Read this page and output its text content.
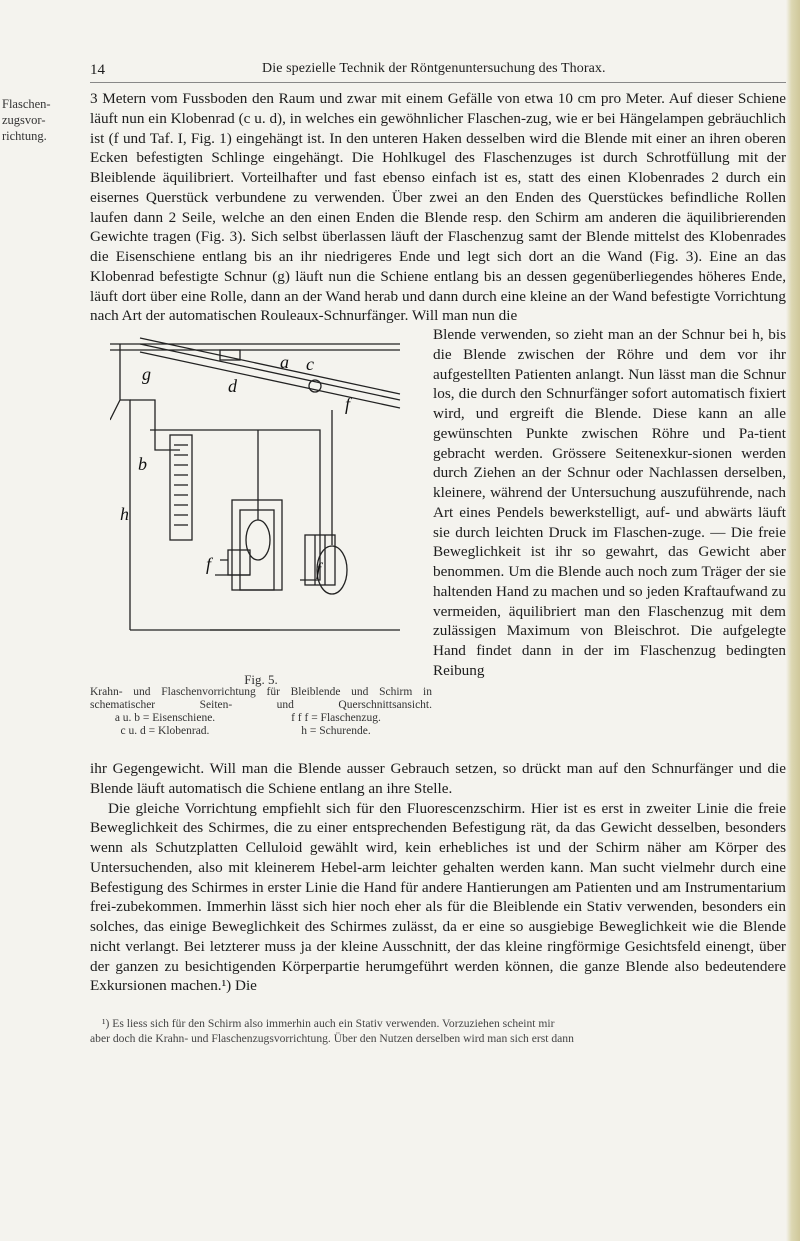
14	Die spezielle Technik der Röntgenuntersuchung des Thorax.
Flaschen-zugsvor-richtung.

3 Metern vom Fussboden den Raum und zwar mit einem Gefälle von etwa 10 cm pro Meter. Auf dieser Schiene läuft nun ein Klobenrad (c u. d), in welches ein gewöhnlicher Flaschen-zug, wie er bei Hängelampen gebräuchlich ist (f und Taf. I, Fig. 1) eingehängt ist. In den unteren Haken desselben wird die Blende mit einer an ihren oberen Ecken befestigten Schlinge eingehängt. Die Hohlkugel des Flaschenzuges ist durch Schrotfüllung mit der Bleiblende äquilibriert. Vorteilhafter und fast ebenso einfach ist es, statt des einen Klobenrades 2 durch ein eisernes Querstück verbundene zu verwenden. Über zwei an den Enden des Querstückes befindliche Rollen laufen dann 2 Seile, welche an den einen Enden die Blende resp. den Schirm am anderen die äquilibrierenden Gewichte tragen (Fig. 3). Sich selbst überlassen läuft der Flaschenzug samt der Blende mittelst des Klobenrades die Eisenschiene entlang bis an ihr niedrigeres Ende und legt sich dort an die Wand (Fig. 3). Eine an das Klobenrad befestigte Schnur (g) läuft nun die Schiene entlang bis an dessen gegenüberliegendes höheres Ende, läuft dort über eine Rolle, dann an der Wand herab und dann durch eine kleine an der Wand befestigte Vorrichtung nach Art der automatischen Rouleaux-Schnurfänger. Will man nun die

g
a c
d
f
b
h
f
f
Fig. 5.
Krahn- und Flaschenvorrichtung für Bleiblende und Schirm in schematischer Seiten- und Querschnittsansicht.
a u. b = Eisenschiene.	f f f = Flaschenzug.
c u. d = Klobenrad.	h = Schurende.

Blende verwenden, so zieht man an der Schnur bei h, bis die Blende zwischen der Röhre und dem vor ihr aufgestellten Patienten anlangt. Nun lässt man die Schnur los, die durch den Schnurfänger sofort automatisch fixiert wird, und ergreift die Blende. Diese kann an alle gewünschten Punkte zwischen Röhre und Pa-tient gebracht werden. Grössere Seitenexkur-sionen werden durch Ziehen an der Schnur oder Nachlassen derselben, kleinere, während der Untersuchung auszuführende, nach Art eines Pendels bewerkstelligt, auf- und abwärts läuft sie durch leichten Druck im Flaschen-zuge. — Die freie Beweglichkeit ist ihr so gewahrt, das Gewicht aber benommen. Um die Blende auch noch zum Träger der sie haltenden Hand zu machen und so jeden Kraftaufwand zu vermeiden, äquilibriert man den Flaschenzug mit dem zulässigen Maximum von Bleischrot. Die aufgelegte Hand findet dann in der im Flaschenzug bedingten Reibung

ihr Gegengewicht. Will man die Blende ausser Gebrauch setzen, so drückt man auf den Schnurfänger und die Blende läuft automatisch die Schiene entlang an ihre Stelle.

Die gleiche Vorrichtung empfiehlt sich für den Fluorescenzschirm. Hier ist es erst in zweiter Linie die freie Beweglichkeit des Schirmes, die zu einer entsprechenden Befestigung rät, da das Gewicht desselben, besonders wenn als Schutzplatten Celluloid gewählt wird, kein erhebliches ist und der Schirm näher am Körper des Untersuchenden, also mit kleinerem Hebel-arm leichter gehalten werden kann. Man sucht vielmehr durch eine Befestigung des Schirmes in erster Linie die Hand für andere Hantierungen am Patienten und am Instrumentarium frei-zubekommen. Immerhin lässt sich hier noch eher als für die Bleiblende ein Stativ verwenden, besonders ein solches, das einige Beweglichkeit des Schirmes zulässt, da er eine so ausgiebige Beweglichkeit wie die Blende nicht verlangt. Bei letzterer muss ja der kleine Ausschnitt, der das kleine ringförmige Gesichtsfeld einengt, über der ganzen zu besichtigenden Körperpartie herumgeführt werden können, die ganze Blende also bedeutendere Exkursionen machen.¹) Die

¹) Es liess sich für den Schirm also immerhin auch ein Stativ verwenden. Vorzuziehen scheint mir

aber doch die Krahn- und Flaschenzugsvorrichtung. Über den Nutzen derselben wird man sich erst dann
